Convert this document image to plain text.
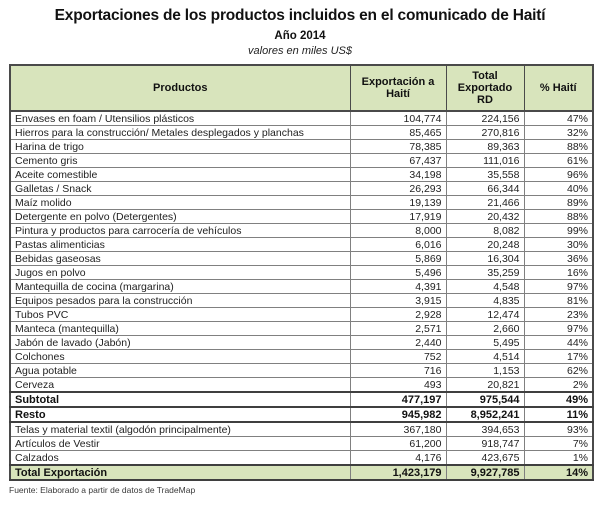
Exportaciones de los productos incluidos en el comunicado de Haití
Año 2014
valores en miles US$
Productos	Exportación a Haití	Total Exportado RD	% Haití
Envases en foam / Utensilios plásticos	104,774	224,156	47%
Hierros para la construcción/ Metales desplegados y planchas	85,465	270,816	32%
Harina de trigo	78,385	89,363	88%
Cemento gris	67,437	111,016	61%
Aceite comestible	34,198	35,558	96%
Galletas / Snack	26,293	66,344	40%
Maíz molido	19,139	21,466	89%
Detergente en polvo (Detergentes)	17,919	20,432	88%
Pintura y productos para carrocería de vehículos	8,000	8,082	99%
Pastas alimenticias	6,016	20,248	30%
Bebidas gaseosas	5,869	16,304	36%
Jugos en polvo	5,496	35,259	16%
Mantequilla de cocina (margarina)	4,391	4,548	97%
Equipos pesados para la construcción	3,915	4,835	81%
Tubos PVC	2,928	12,474	23%
Manteca (mantequilla)	2,571	2,660	97%
Jabón de lavado (Jabón)	2,440	5,495	44%
Colchones	752	4,514	17%
Agua potable	716	1,153	62%
Cerveza	493	20,821	2%
Subtotal	477,197	975,544	49%
Resto	945,982	8,952,241	11%
Telas y material textil (algodón principalmente)	367,180	394,653	93%
Artículos de Vestir	61,200	918,747	7%
Calzados	4,176	423,675	1%
Total Exportación	1,423,179	9,927,785	14%
Fuente: Elaborado a partir de datos de TradeMap
